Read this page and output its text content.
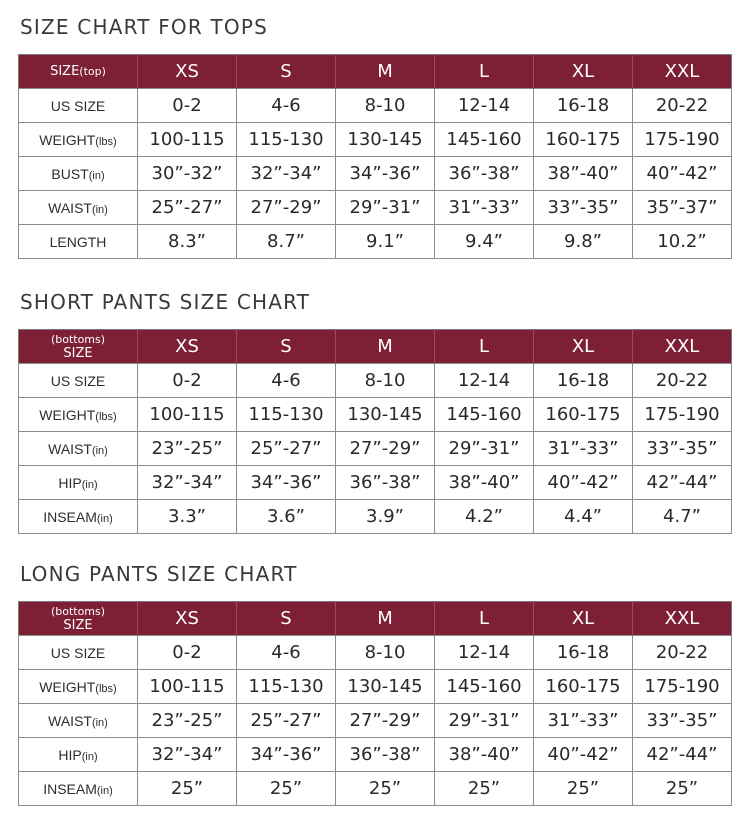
SIZE CHART FOR TOPS
SIZE(top)	XS	S	M	L	XL	XXL
US SIZE	0-2	4-6	8-10	12-14	16-18	20-22
WEIGHT(lbs)	100-115	115-130	130-145	145-160	160-175	175-190
BUST(in)	30”-32”	32”-34”	34”-36”	36”-38”	38”-40”	40”-42”
WAIST(in)	25”-27”	27”-29”	29”-31”	31”-33”	33”-35”	35”-37”
LENGTH	8.3”	8.7”	9.1”	9.4”	9.8”	10.2”
SHORT PANTS SIZE CHART
(bottoms)
SIZE	XS	S	M	L	XL	XXL
US SIZE	0-2	4-6	8-10	12-14	16-18	20-22
WEIGHT(lbs)	100-115	115-130	130-145	145-160	160-175	175-190
WAIST(in)	23”-25”	25”-27”	27”-29”	29”-31”	31”-33”	33”-35”
HIP(in)	32”-34”	34”-36”	36”-38”	38”-40”	40”-42”	42”-44”
INSEAM(in)	3.3”	3.6”	3.9”	4.2”	4.4”	4.7”
LONG PANTS SIZE CHART
(bottoms)
SIZE	XS	S	M	L	XL	XXL
US SIZE	0-2	4-6	8-10	12-14	16-18	20-22
WEIGHT(lbs)	100-115	115-130	130-145	145-160	160-175	175-190
WAIST(in)	23”-25”	25”-27”	27”-29”	29”-31”	31”-33”	33”-35”
HIP(in)	32”-34”	34”-36”	36”-38”	38”-40”	40”-42”	42”-44”
INSEAM(in)	25”	25”	25”	25”	25”	25”
